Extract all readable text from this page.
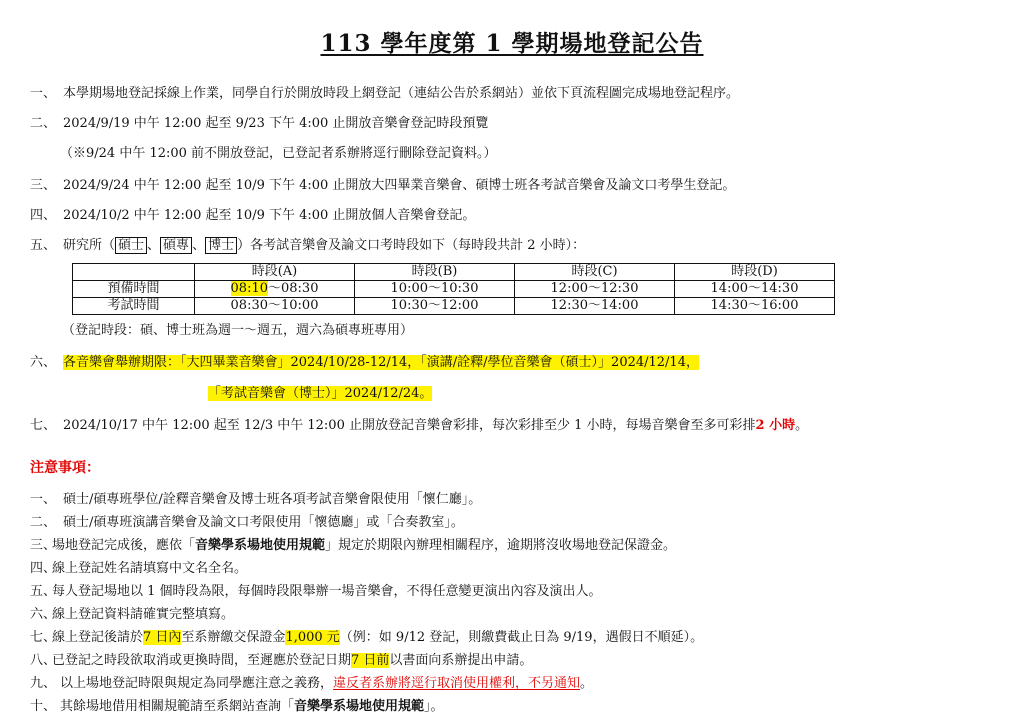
113 學年度第 1 學期場地登記公告
一、 本學期場地登記採線上作業，同學自行於開放時段上網登記（連結公告於系網站）並依下頁流程圖完成場地登記程序。
二、 2024/9/19 中午 12:00 起至 9/23 下午 4:00 止開放音樂會登記時段預覽
（※9/24 中午 12:00 前不開放登記，已登記者系辦將逕行刪除登記資料。）
三、 2024/9/24 中午 12:00 起至 10/9 下午 4:00 止開放大四畢業音樂會、碩博士班各考試音樂會及論文口考學生登記。
四、 2024/10/2 中午 12:00 起至 10/9 下午 4:00 止開放個人音樂會登記。
五、 研究所（ 碩士 、 碩專 、 博士 ）各考試音樂會及論文口考時段如下（每時段共計 2 小時）：
	時段(A)	時段(B)	時段(C)	時段(D)
預備時間	08:10～08:30	10:00～10:30	12:00～12:30	14:00～14:30
考試時間	08:30～10:00	10:30～12:00	12:30～14:00	14:30～16:00
（登記時段：碩、博士班為週一～週五，週六為碩專班專用）
六、 各音樂會舉辦期限：「大四畢業音樂會」2024/10/28-12/14，「演講/詮釋/學位音樂會（碩士）」2024/12/14，
「考試音樂會（博士）」2024/12/24。
七、 2024/10/17 中午 12:00 起至 12/3 中午 12:00 止開放登記音樂會彩排，每次彩排至少 1 小時，每場音樂會至多可彩排2 小時。
注意事項：
一、 碩士/碩專班學位/詮釋音樂會及博士班各項考試音樂會限使用「懷仁廳」。
二、 碩士/碩專班演講音樂會及論文口考限使用「懷德廳」或「合奏教室」。
三、場地登記完成後，應依「音樂學系場地使用規範」規定於期限內辦理相關程序，逾期將沒收場地登記保證金。
四、線上登記姓名請填寫中文名全名。
五、每人登記場地以 1 個時段為限，每個時段限舉辦一場音樂會，不得任意變更演出內容及演出人。
六、線上登記資料請確實完整填寫。
七、線上登記後請於7 日內至系辦繳交保證金1,000 元（例：如 9/12 登記，則繳費截止日為 9/19，遇假日不順延）。
八、已登記之時段欲取消或更換時間，至遲應於登記日期7 日前以書面向系辦提出申請。
九、 以上場地登記時限與規定為同學應注意之義務，違反者系辦將逕行取消使用權利，不另通知。
十、 其餘場地借用相關規範請至系網站查詢「音樂學系場地使用規範」。
